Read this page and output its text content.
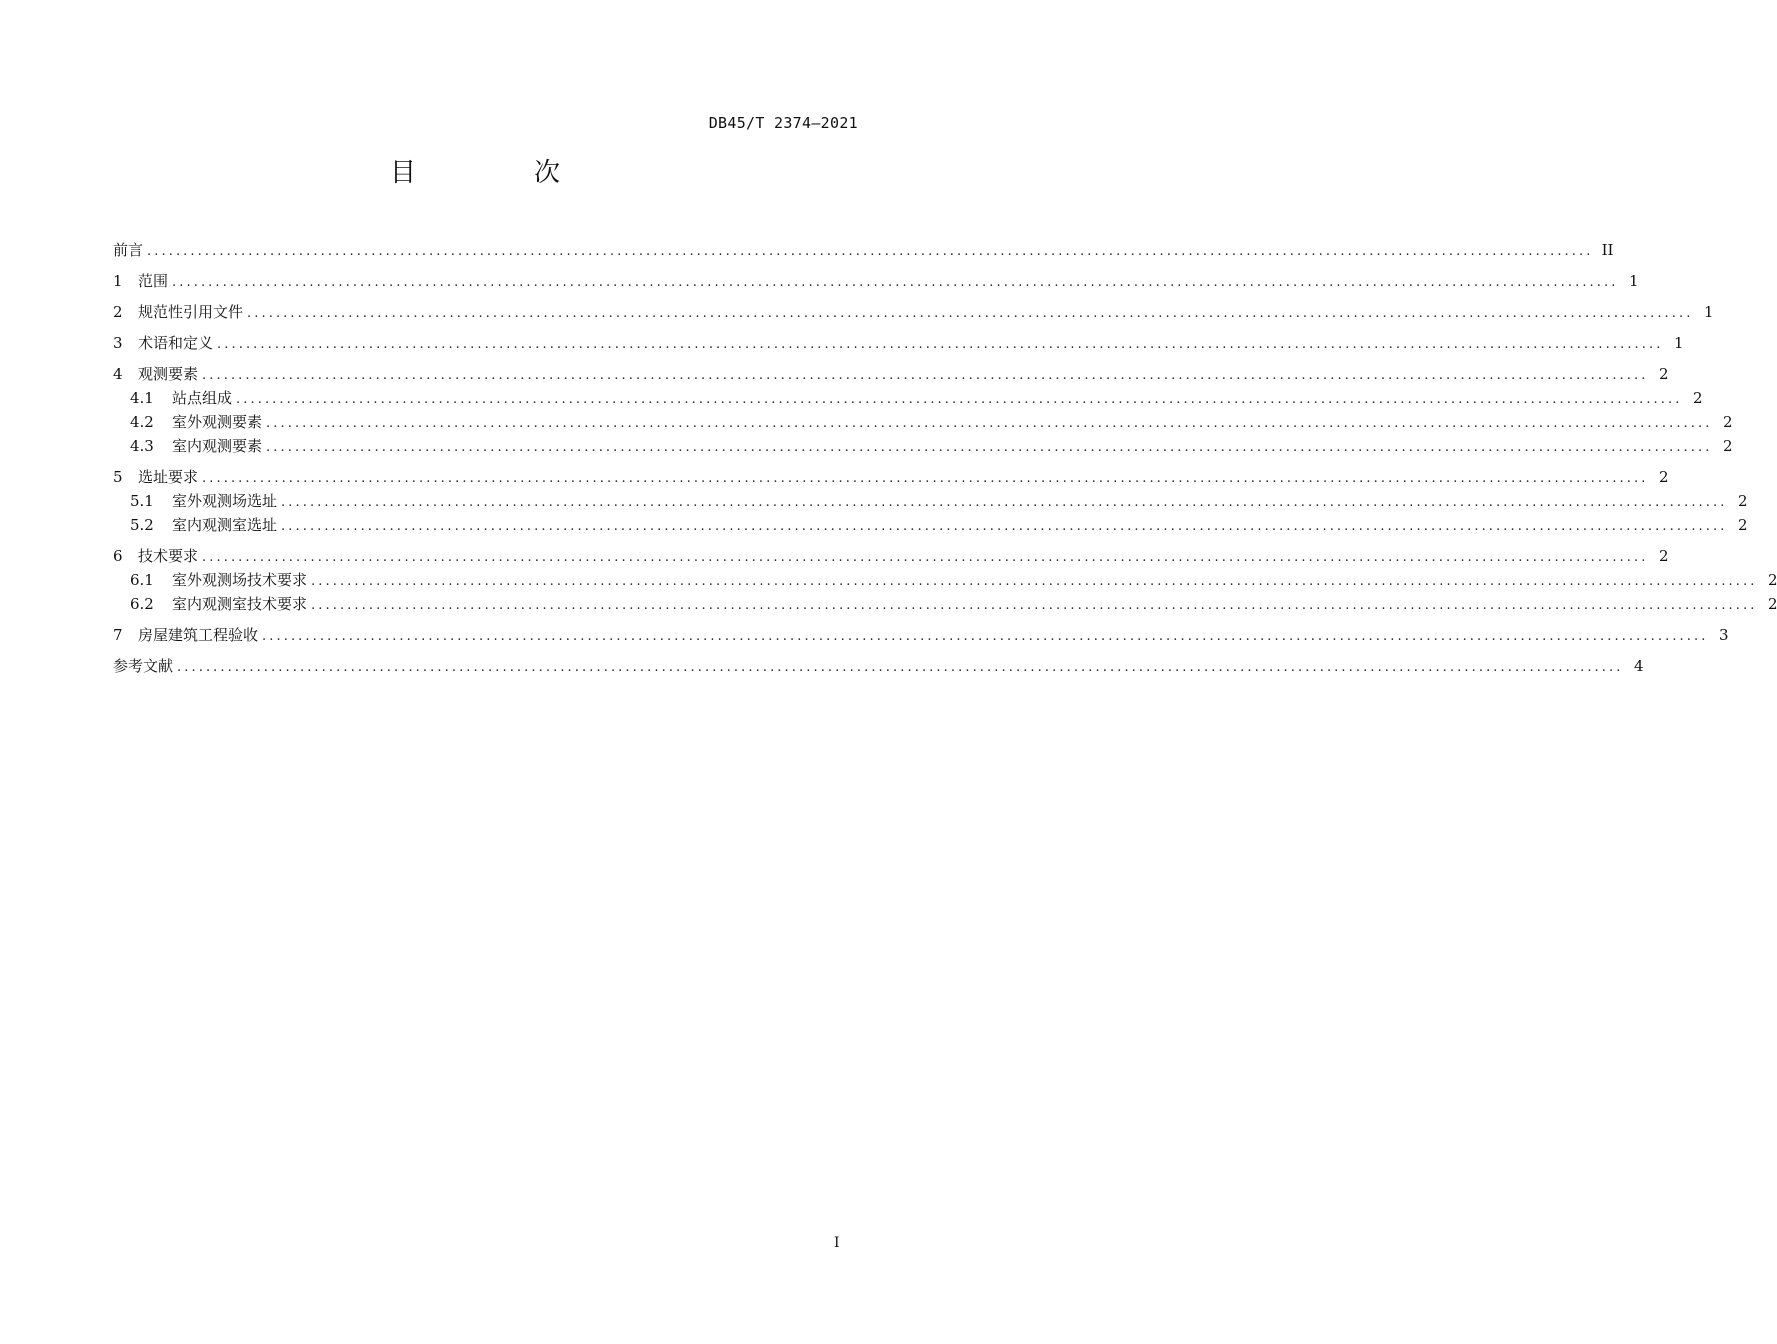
DB45/T 2374—2021
目　次
前言 ........................................................................................................................................................................................................ II
1 范围 ........................................................................................................................................................................................................ 1
2 规范性引用文件 ........................................................................................................................................................................................................ 1
3 术语和定义 ........................................................................................................................................................................................................ 1
4 观测要素 ........................................................................................................................................................................................................ 2
4.1 站点组成 ........................................................................................................................................................................................................ 2
4.2 室外观测要素 ........................................................................................................................................................................................................ 2
4.3 室内观测要素 ........................................................................................................................................................................................................ 2
5 选址要求 ........................................................................................................................................................................................................ 2
5.1 室外观测场选址 ........................................................................................................................................................................................................ 2
5.2 室内观测室选址 ........................................................................................................................................................................................................ 2
6 技术要求 ........................................................................................................................................................................................................ 2
6.1 室外观测场技术要求 ........................................................................................................................................................................................................ 2
6.2 室内观测室技术要求 ........................................................................................................................................................................................................ 2
7 房屋建筑工程验收 ........................................................................................................................................................................................................ 3
参考文献 ........................................................................................................................................................................................................ 4
I
